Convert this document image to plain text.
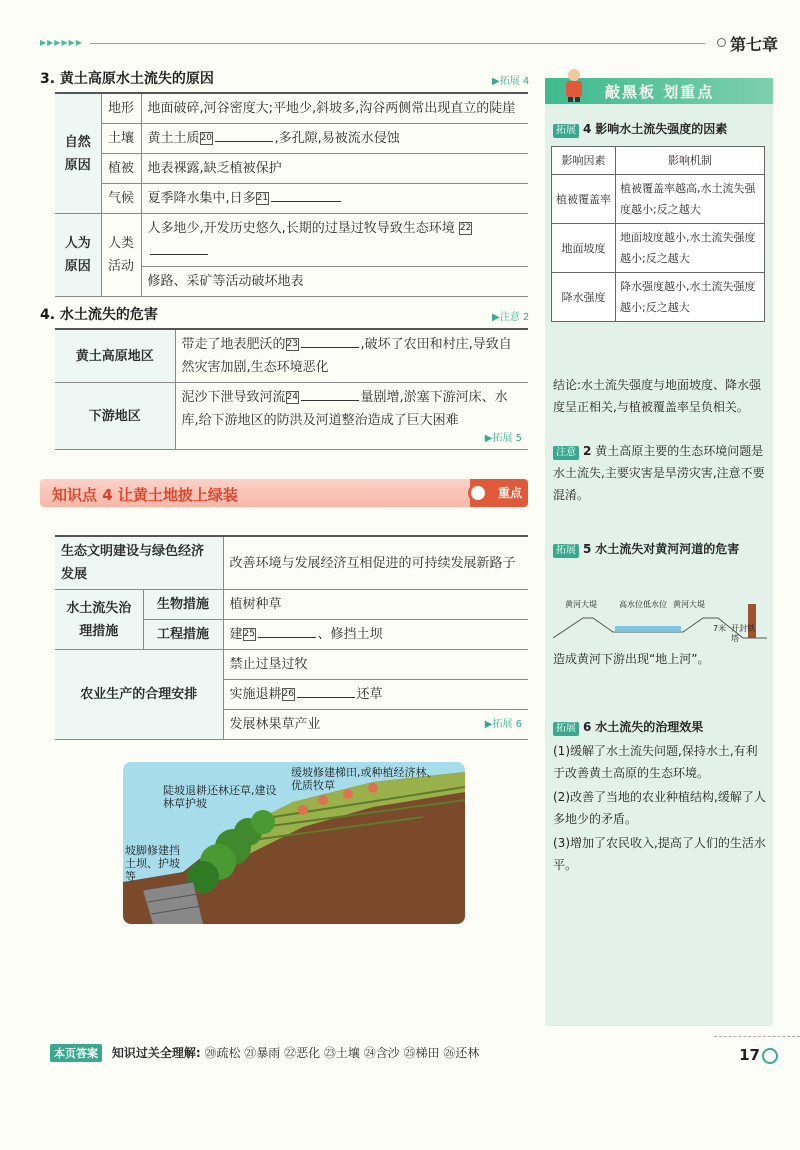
▶▶▶▶▶▶	第七章
3. 黄土高原水土流失的原因	▶拓展 4
自然原因	地形	地面破碎,河谷密度大;平地少,斜坡多,沟谷两侧常出现直立的陡崖
	土壤	黄土土质20 ,多孔隙,易被流水侵蚀
	植被	地表裸露,缺乏植被保护
	气候	夏季降水集中,日多21
人为原因	人类活动	人多地少,开发历史悠久,长期的过垦过牧导致生态环境 22
		修路、采矿等活动破坏地表
4. 水土流失的危害	▶注意 2
黄土高原地区	带走了地表肥沃的23 ,破坏了农田和村庄,导致自然灾害加剧,生态环境恶化
下游地区	泥沙下泄导致河流24 量剧增,淤塞下游河床、水库,给下游地区的防洪及河道整治造成了巨大困难
▶拓展 5
知识点 4 让黄土地披上绿装	重点
生态文明建设与绿色经济发展		改善环境与发展经济互相促进的可持续发展新路子
水土流失治理措施	生物措施	植树种草
	工程措施	建25 、修挡土坝
农业生产的合理安排		禁止过垦过牧
		实施退耕26 还草
		发展林果草产业 ▶拓展 6
陡坡退耕还林还草,建设林草护坡
缓坡修建梯田,或种植经济林、优质牧草
坡脚修建挡土坝、护坡等
敲黑板 划重点
拓展 4 影响水土流失强度的因素
影响因素	影响机制
植被覆盖率	植被覆盖率越高,水土流失强度越小;反之越大
地面坡度	地面坡度越小,水土流失强度越小;反之越大
降水强度	降水强度越小,水土流失强度越小;反之越大
结论:水土流失强度与地面坡度、降水强度呈正相关,与植被覆盖率呈负相关。
注意 2 黄土高原主要的生态环境问题是水土流失,主要灾害是旱涝灾害,注意不要混淆。
拓展 5 水土流失对黄河河道的危害
黄河大堤	高水位低水位 黄河大堤
7米 开封铁塔
造成黄河下游出现“地上河”。
拓展 6 水土流失的治理效果
(1)缓解了水土流失问题,保持水土,有利于改善黄土高原的生态环境。
(2)改善了当地的农业种植结构,缓解了人多地少的矛盾。
(3)增加了农民收入,提高了人们的生活水平。
本页答案 知识过关全理解: ⑳疏松 ㉑暴雨 ㉒恶化 ㉓土壤 ㉔含沙 ㉕梯田 ㉖还林	17
